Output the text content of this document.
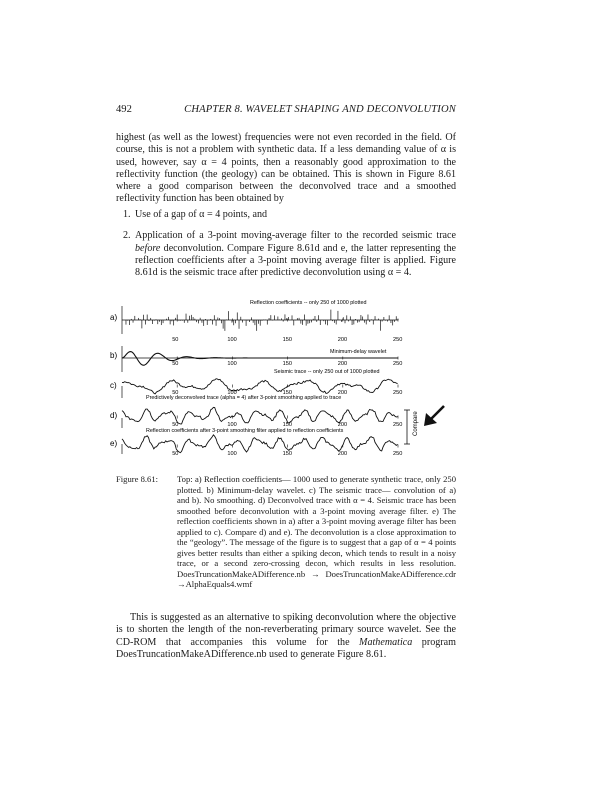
492	CHAPTER 8. WAVELET SHAPING AND DECONVOLUTION
highest (as well as the lowest) frequencies were not even recorded in the field. Of course, this is not a problem with synthetic data. If a less demanding value of α is used, however, say α = 4 points, then a reasonably good approximation to the reflectivity function (the geology) can be obtained. This is shown in Figure 8.61 where a good comparison between the deconvolved trace and a smoothed reflectivity function has been obtained by
1. Use of a gap of α = 4 points, and
2. Application of a 3-point moving-average filter to the recorded seismic trace before deconvolution. Compare Figure 8.61d and e, the latter representing the reflection coefficients after a 3-point moving average filter is applied. Figure 8.61d is the seismic trace after predictive deconvolution using α = 4.
50	100	150	200	250
50	100	150	200	250
50	100	150	200	250
50	100	150	200	250
50	100	150	200	250
a)
b)
c)
d)
e)
Reflection coefficients -- only 250 of 1000 plotted
Minimum-delay wavelet
Seismic trace -- only 250 out of 1000 plotted
Predictively deconvolved trace (alpha = 4) after 3-point smoothing applied to trace
Reflection coefficients after 3-point smoothing filter applied to reflection coefficients	Compare
Figure 8.61: Top: a) Reflection coefficients— 1000 used to generate synthetic trace, only 250 plotted. b) Minimum-delay wavelet. c) The seismic trace— convolution of a) and b). No smoothing. d) Deconvolved trace with α = 4. Seismic trace has been smoothed before deconvolution with a 3-point moving average filter. e) The reflection coefficients shown in a) after a 3-point moving average filter has been applied to c). Compare d) and e). The deconvolution is a close approximation to the “geology”. The message of the figure is to suggest that a gap of α = 4 points gives better results than either a spiking decon, which tends to result in a noisy trace, or a second zero-crossing decon, which results in less resolution. DoesTruncationMakeADifference.nb → DoesTruncationMakeADifference.cdr →AlphaEquals4.wmf
This is suggested as an alternative to spiking deconvolution where the objective is to shorten the length of the non-reverberating primary source wavelet. See the CD-ROM that accompanies this volume for the Mathematica program DoesTruncationMakeADifference.nb used to generate Figure 8.61.
